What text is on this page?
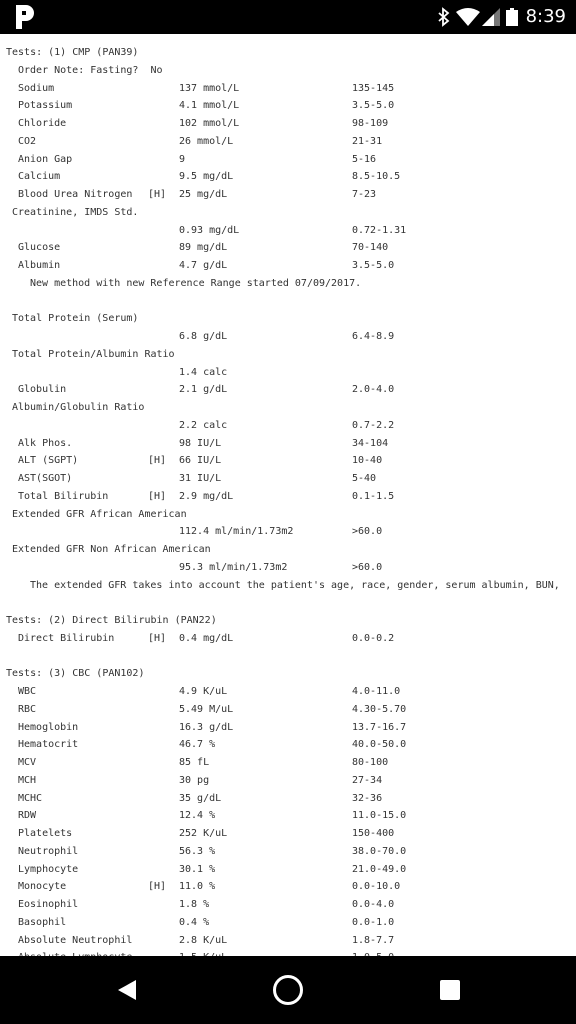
8:39
Tests: (1) CMP (PAN39)
Order Note: Fasting?  No
Sodium	137 mmol/L	135-145
Potassium	4.1 mmol/L	3.5-5.0
Chloride	102 mmol/L	98-109
CO2	26 mmol/L	21-31
Anion Gap	9	5-16
Calcium	9.5 mg/dL	8.5-10.5
Blood Urea Nitrogen [H] 25 mg/dL	7-23
Creatinine, IMDS Std.
0.93 mg/dL	0.72-1.31
Glucose	89 mg/dL	70-140
Albumin	4.7 g/dL	3.5-5.0
New method with new Reference Range started 07/09/2017.
Total Protein (Serum)
6.8 g/dL	6.4-8.9
Total Protein/Albumin Ratio
1.4 calc
Globulin	2.1 g/dL	2.0-4.0
Albumin/Globulin Ratio
2.2 calc	0.7-2.2
Alk Phos.	98 IU/L	34-104
ALT (SGPT)	[H] 66 IU/L	10-40
AST(SGOT)	31 IU/L	5-40
Total Bilirubin	[H] 2.9 mg/dL	0.1-1.5
Extended GFR African American
112.4 ml/min/1.73m2	>60.0
Extended GFR Non African American
95.3 ml/min/1.73m2	>60.0
The extended GFR takes into account the patient's age, race, gender, serum albumin, BUN,
Tests: (2) Direct Bilirubin (PAN22)
Direct Bilirubin	[H] 0.4 mg/dL	0.0-0.2
Tests: (3) CBC (PAN102)
WBC	4.9 K/uL	4.0-11.0
RBC	5.49 M/uL	4.30-5.70
Hemoglobin	16.3 g/dL	13.7-16.7
Hematocrit	46.7 %	40.0-50.0
MCV	85 fL	80-100
MCH	30 pg	27-34
MCHC	35 g/dL	32-36
RDW	12.4 %	11.0-15.0
Platelets	252 K/uL	150-400
Neutrophil	56.3 %	38.0-70.0
Lymphocyte	30.1 %	21.0-49.0
Monocyte	[H] 11.0 %	0.0-10.0
Eosinophil	1.8 %	0.0-4.0
Basophil	0.4 %	0.0-1.0
Absolute Neutrophil	2.8 K/uL	1.8-7.7
